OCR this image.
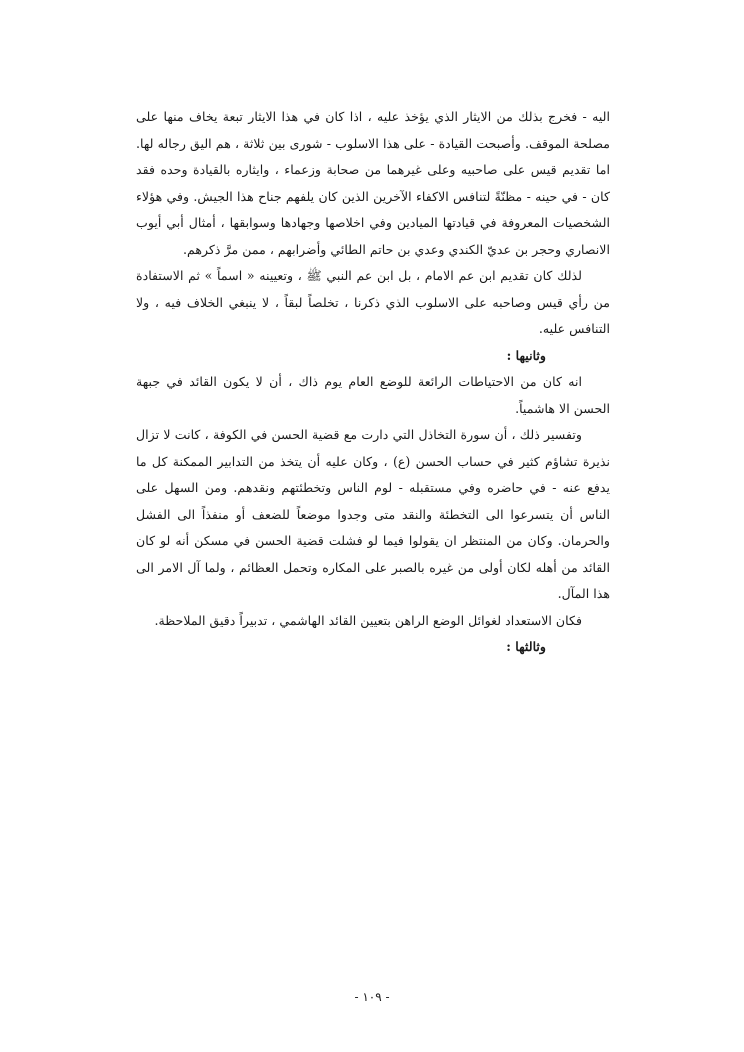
اليه - فخرج بذلك من الايثار الذي يؤخذ عليه ، اذا كان في هذا الايثار تبعة يخاف منها على مصلحة الموقف. وأصبحت القيادة - على هذا الاسلوب - شورى بين ثلاثة ، هم اليق رجاله لها. اما تقديم قيس على صاحبيه وعلى غيرهما من صحابة وزعماء ، وايثاره بالقيادة وحده فقد كان - في حينه - مظنّةً لتنافس الاكفاء الآخرين الذين كان يلفهم جناح هذا الجيش. وفي هؤلاء الشخصيات المعروفة في قيادتها الميادين وفي اخلاصها وجهادها وسوابقها ، أمثال أبي أيوب الانصاري وحجر بن عديّ الكندي وعدي بن حاتم الطائي وأضرابهم ، ممن مرَّ ذكرهم.

لذلك كان تقديم ابن عم الامام ، بل ابن عم النبي ﷺ ، وتعيينه « اسماً » ثم الاستفادة من رأي قيس وصاحبه على الاسلوب الذي ذكرنا ، تخلصاً لبقاً ، لا ينبغي الخلاف فيه ، ولا التنافس عليه.

وثانيها :

انه كان من الاحتياطات الرائعة للوضع العام يوم ذاك ، أن لا يكون القائد في جبهة الحسن الا هاشمياً.

وتفسير ذلك ، أن سورة التخاذل التي دارت مع قضية الحسن في الكوفة ، كانت لا تزال نذيرة تشاؤم كثير في حساب الحسن (ع) ، وكان عليه أن يتخذ من التدابير الممكنة كل ما يدفع عنه - في حاضره وفي مستقبله - لوم الناس وتخطئتهم ونقدهم. ومن السهل على الناس أن يتسرعوا الى التخطئة والنقد متى وجدوا موضعاً للضعف أو منفذاً الى الفشل والحرمان. وكان من المنتظر ان يقولوا فيما لو فشلت قضية الحسن في مسكن أنه لو كان القائد من أهله لكان أولى من غيره بالصبر على المكاره وتحمل العظائم ، ولما آل الامر الى هذا المآل.

فكان الاستعداد لغوائل الوضع الراهن بتعيين القائد الهاشمي ، تدبيراً دقيق الملاحظة.

وثالثها :

- ١٠٩ -
